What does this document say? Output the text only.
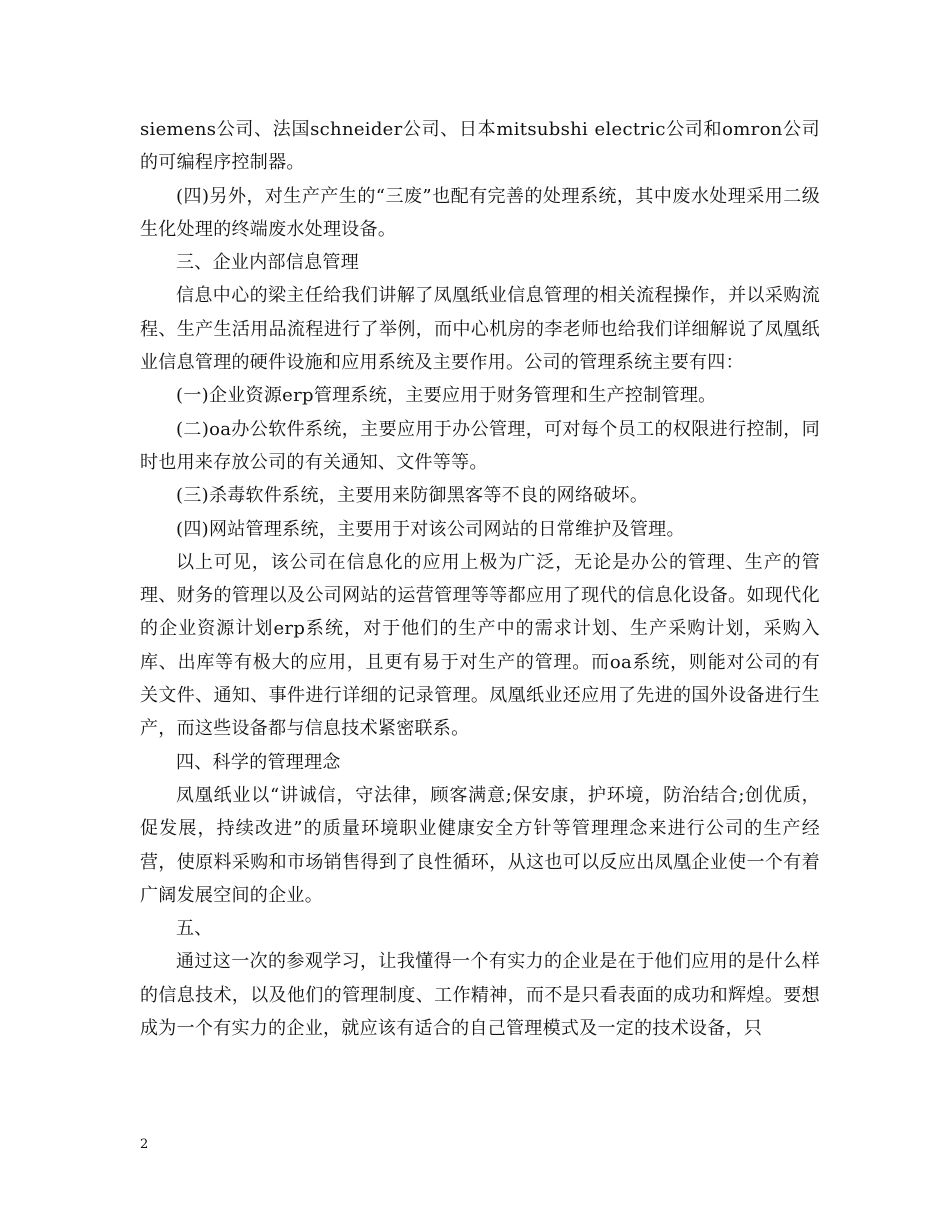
siemens公司、法国schneider公司、日本mitsubshi electric公司和omron公司的可编程序控制器。

(四)另外，对生产产生的“三废”也配有完善的处理系统，其中废水处理采用二级生化处理的终端废水处理设备。

三、企业内部信息管理

信息中心的梁主任给我们讲解了凤凰纸业信息管理的相关流程操作，并以采购流程、生产生活用品流程进行了举例，而中心机房的李老师也给我们详细解说了凤凰纸业信息管理的硬件设施和应用系统及主要作用。公司的管理系统主要有四：

(一)企业资源erp管理系统，主要应用于财务管理和生产控制管理。

(二)oa办公软件系统，主要应用于办公管理，可对每个员工的权限进行控制，同时也用来存放公司的有关通知、文件等等。

(三)杀毒软件系统，主要用来防御黑客等不良的网络破坏。

(四)网站管理系统，主要用于对该公司网站的日常维护及管理。

以上可见，该公司在信息化的应用上极为广泛，无论是办公的管理、生产的管理、财务的管理以及公司网站的运营管理等等都应用了现代的信息化设备。如现代化的企业资源计划erp系统，对于他们的生产中的需求计划、生产采购计划，采购入库、出库等有极大的应用，且更有易于对生产的管理。而oa系统，则能对公司的有关文件、通知、事件进行详细的记录管理。凤凰纸业还应用了先进的国外设备进行生产，而这些设备都与信息技术紧密联系。

四、科学的管理理念

凤凰纸业以“讲诚信，守法律，顾客满意;保安康，护环境，防治结合;创优质，促发展，持续改进”的质量环境职业健康安全方针等管理理念来进行公司的生产经营，使原料采购和市场销售得到了良性循环，从这也可以反应出凤凰企业使一个有着广阔发展空间的企业。

五、

通过这一次的参观学习，让我懂得一个有实力的企业是在于他们应用的是什么样的信息技术，以及他们的管理制度、工作精神，而不是只看表面的成功和辉煌。要想成为一个有实力的企业，就应该有适合的自己管理模式及一定的技术设备，只

2
